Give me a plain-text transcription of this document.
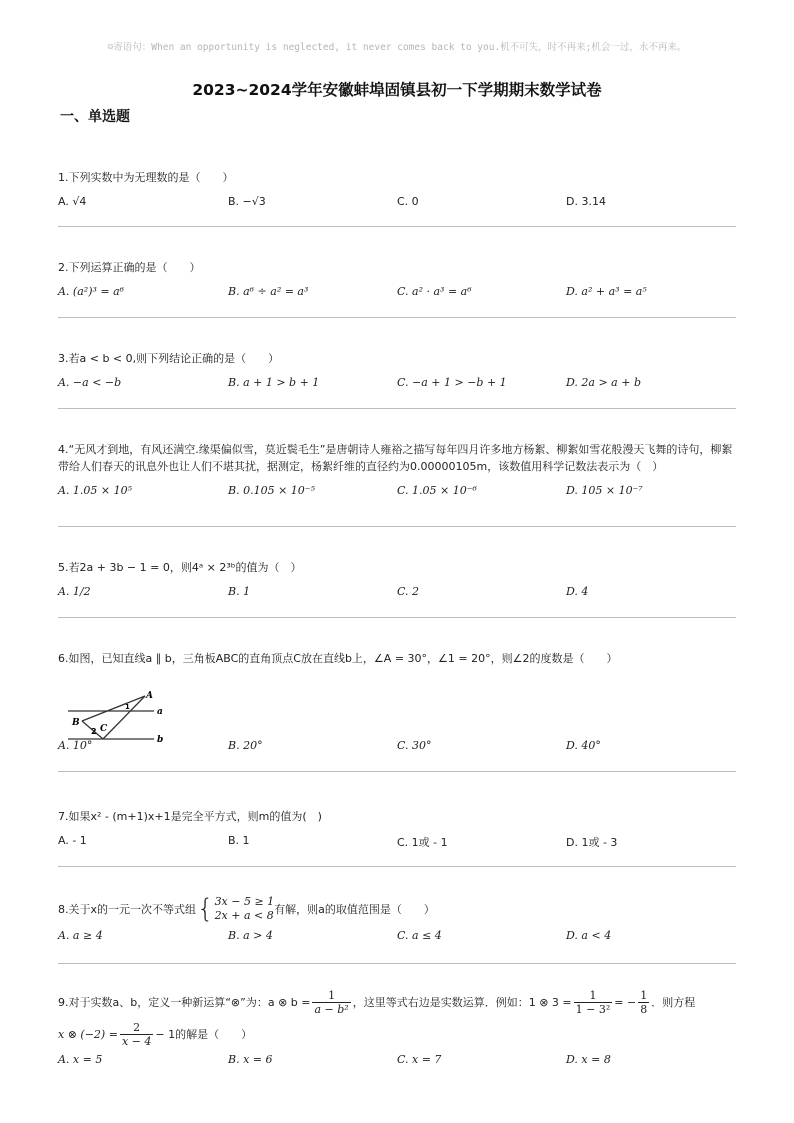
☺寄语句：When an opportunity is neglected, it never comes back to you.机不可失，时不再来;机会一过，永不再来。
2023~2024学年安徽蚌埠固镇县初一下学期期末数学试卷
一、单选题
1.下列实数中为无理数的是（　　）
A. √4	B. −√3	C. 0	D. 3.14
2.下列运算正确的是（　　）
A. (a²)³ = a⁶	B. a⁶ ÷ a² = a³	C. a² · a³ = a⁶	D. a² + a³ = a⁵
3.若a < b < 0,则下列结论正确的是（　　）
A. −a < −b	B. a + 1 > b + 1	C. −a + 1 > −b + 1	D. 2a > a + b
4.“无风才到地，有风还满空.缘渠偏似雪，莫近鬓毛生”是唐朝诗人雍裕之描写每年四月许多地方杨絮、柳絮如雪花般漫天飞舞的诗句，柳絮带给人们春天的讯息外也让人们不堪其扰，据测定，杨絮纤维的直径约为0.00000105m，该数值用科学记数法表示为（　）
A. 1.05 × 10⁵	B. 0.105 × 10⁻⁵	C. 1.05 × 10⁻⁶	D. 105 × 10⁻⁷
5.若2a + 3b − 1 = 0，则4ᵃ × 2³ᵇ的值为（　）
A. 1/2	B. 1	C. 2	D. 4
6.如图，已知直线a ∥ b，三角板ABC的直角顶点C放在直线b上，∠A = 30°，∠1 = 20°，则∠2的度数是（　　）
A
B
C
1
2
a
b
A. 10°	B. 20°	C. 30°	D. 40°
7.如果x² - (m+1)x+1是完全平方式，则m的值为(　)
A. - 1	B. 1	C. 1或 - 1	D. 1或 - 3
8.关于x的一元一次不等式组 { 3x − 5 ≥ 1
2x + a < 8 有解，则a的取值范围是（　　）
A. a ≥ 4	B. a > 4	C. a ≤ 4	D. a < 4
9.对于实数a、b，定义一种新运算“⊗”为：a ⊗ $b = \frac{1}{\text{a − b²}}$ ，这里等式右边是实数运算．例如：1 ⊗ $3 = \frac{1}{\text{1 − 3²}}$ = − $\frac{1}{8}$ ．则方程
x ⊗ $(-2) = \frac{2}{x - 4} - 1$的解是（　　）
A. x = 5	B. x = 6	C. x = 7	D. x = 8
